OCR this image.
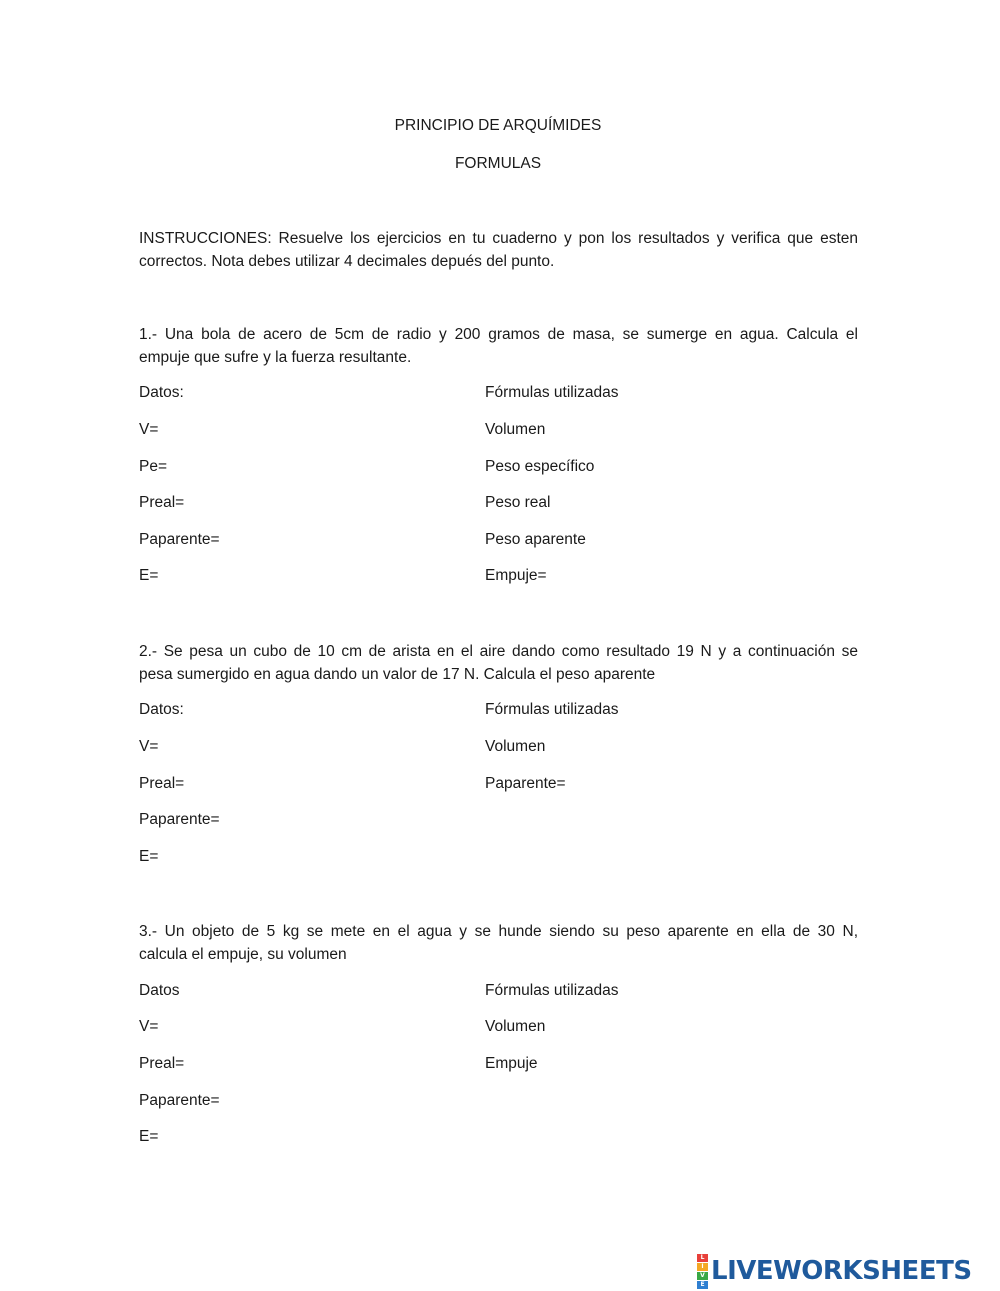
PRINCIPIO DE ARQUÍMIDES
FORMULAS
INSTRUCCIONES: Resuelve los ejercicios en tu cuaderno y pon los resultados y verifica que esten
correctos. Nota debes utilizar 4 decimales depués del punto.
1.- Una bola de acero de 5cm de radio y 200 gramos de masa, se sumerge en agua. Calcula el
empuje que sufre y la fuerza resultante.
Datos:
V=
Pe=
Preal=
Paparente=
E=
Fórmulas utilizadas
Volumen
Peso específico
Peso real
Peso aparente
Empuje=
2.- Se pesa un cubo de 10 cm de arista en el aire dando como resultado 19 N y a continuación se
pesa sumergido en agua dando un valor de 17 N. Calcula el peso aparente
Datos:
V=
Preal=
Paparente=
E=
Fórmulas utilizadas
Volumen
Paparente=
3.- Un objeto de 5 kg se mete en el agua y se hunde siendo su peso aparente en ella de 30 N,
calcula el empuje, su volumen
Datos
V=
Preal=
Paparente=
E=
Fórmulas utilizadas
Volumen
Empuje
L
I
V
E LIVEWORKSHEETS
